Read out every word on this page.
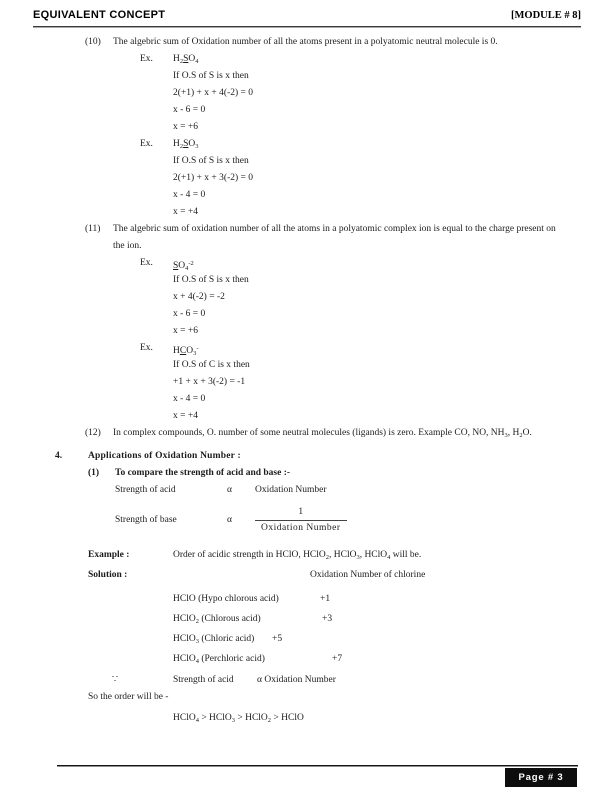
EQUIVALENT CONCEPT	[MODULE # 8]
(10)	The algebric sum of Oxidation number of all the atoms present in a polyatomic neutral molecule is 0.
Ex.	$H_2SO_4$
If O.S of S is x then
2(+1) + x + 4(-2) = 0
x - 6 = 0
x = +6
Ex.	$H_2SO_3$
If O.S of S is x then
2(+1) + x + 3(-2) = 0
x - 4 = 0
x = +4
(11)	The algebric sum of oxidation number of all the atoms in a polyatomic complex ion is equal to the charge present on
the ion.
Ex.	$SO_4^{-2}$
If O.S of S is x then
x + 4(-2) = -2
x - 6 = 0
x = +6
Ex.	$HCO_3^-$
If O.S of C is x then
+1 + x + 3(-2) = -1
x - 4 = 0
x = +4
(12)	In complex compounds, O. number of some neutral molecules (ligands) is zero. Example CO, NO, $NH_3$, $H_2O$.
4.	Applications of Oxidation Number :
(1)	To compare the strength of acid and base :-
Strength of acid	α	Oxidation Number
Strength of base	α	$\frac{1}{\text{Oxidation Number}}$
Example :	Order of acidic strength in HClO, HClO$_2$, HClO$_3$, HClO$_4$ will be.
Solution :	Oxidation Number of chlorine
HClO (Hypo chlorous acid)	+1
HClO$_2$ (Chlorous acid)	+3
HClO$_3$ (Chloric acid) +5
HClO$_4$ (Perchloric acid)	+7
∵	Strength of acid	α Oxidation Number
So the order will be -
HClO$_4$ > HClO$_3$ > HClO$_2$ > HClO
Page # 3
